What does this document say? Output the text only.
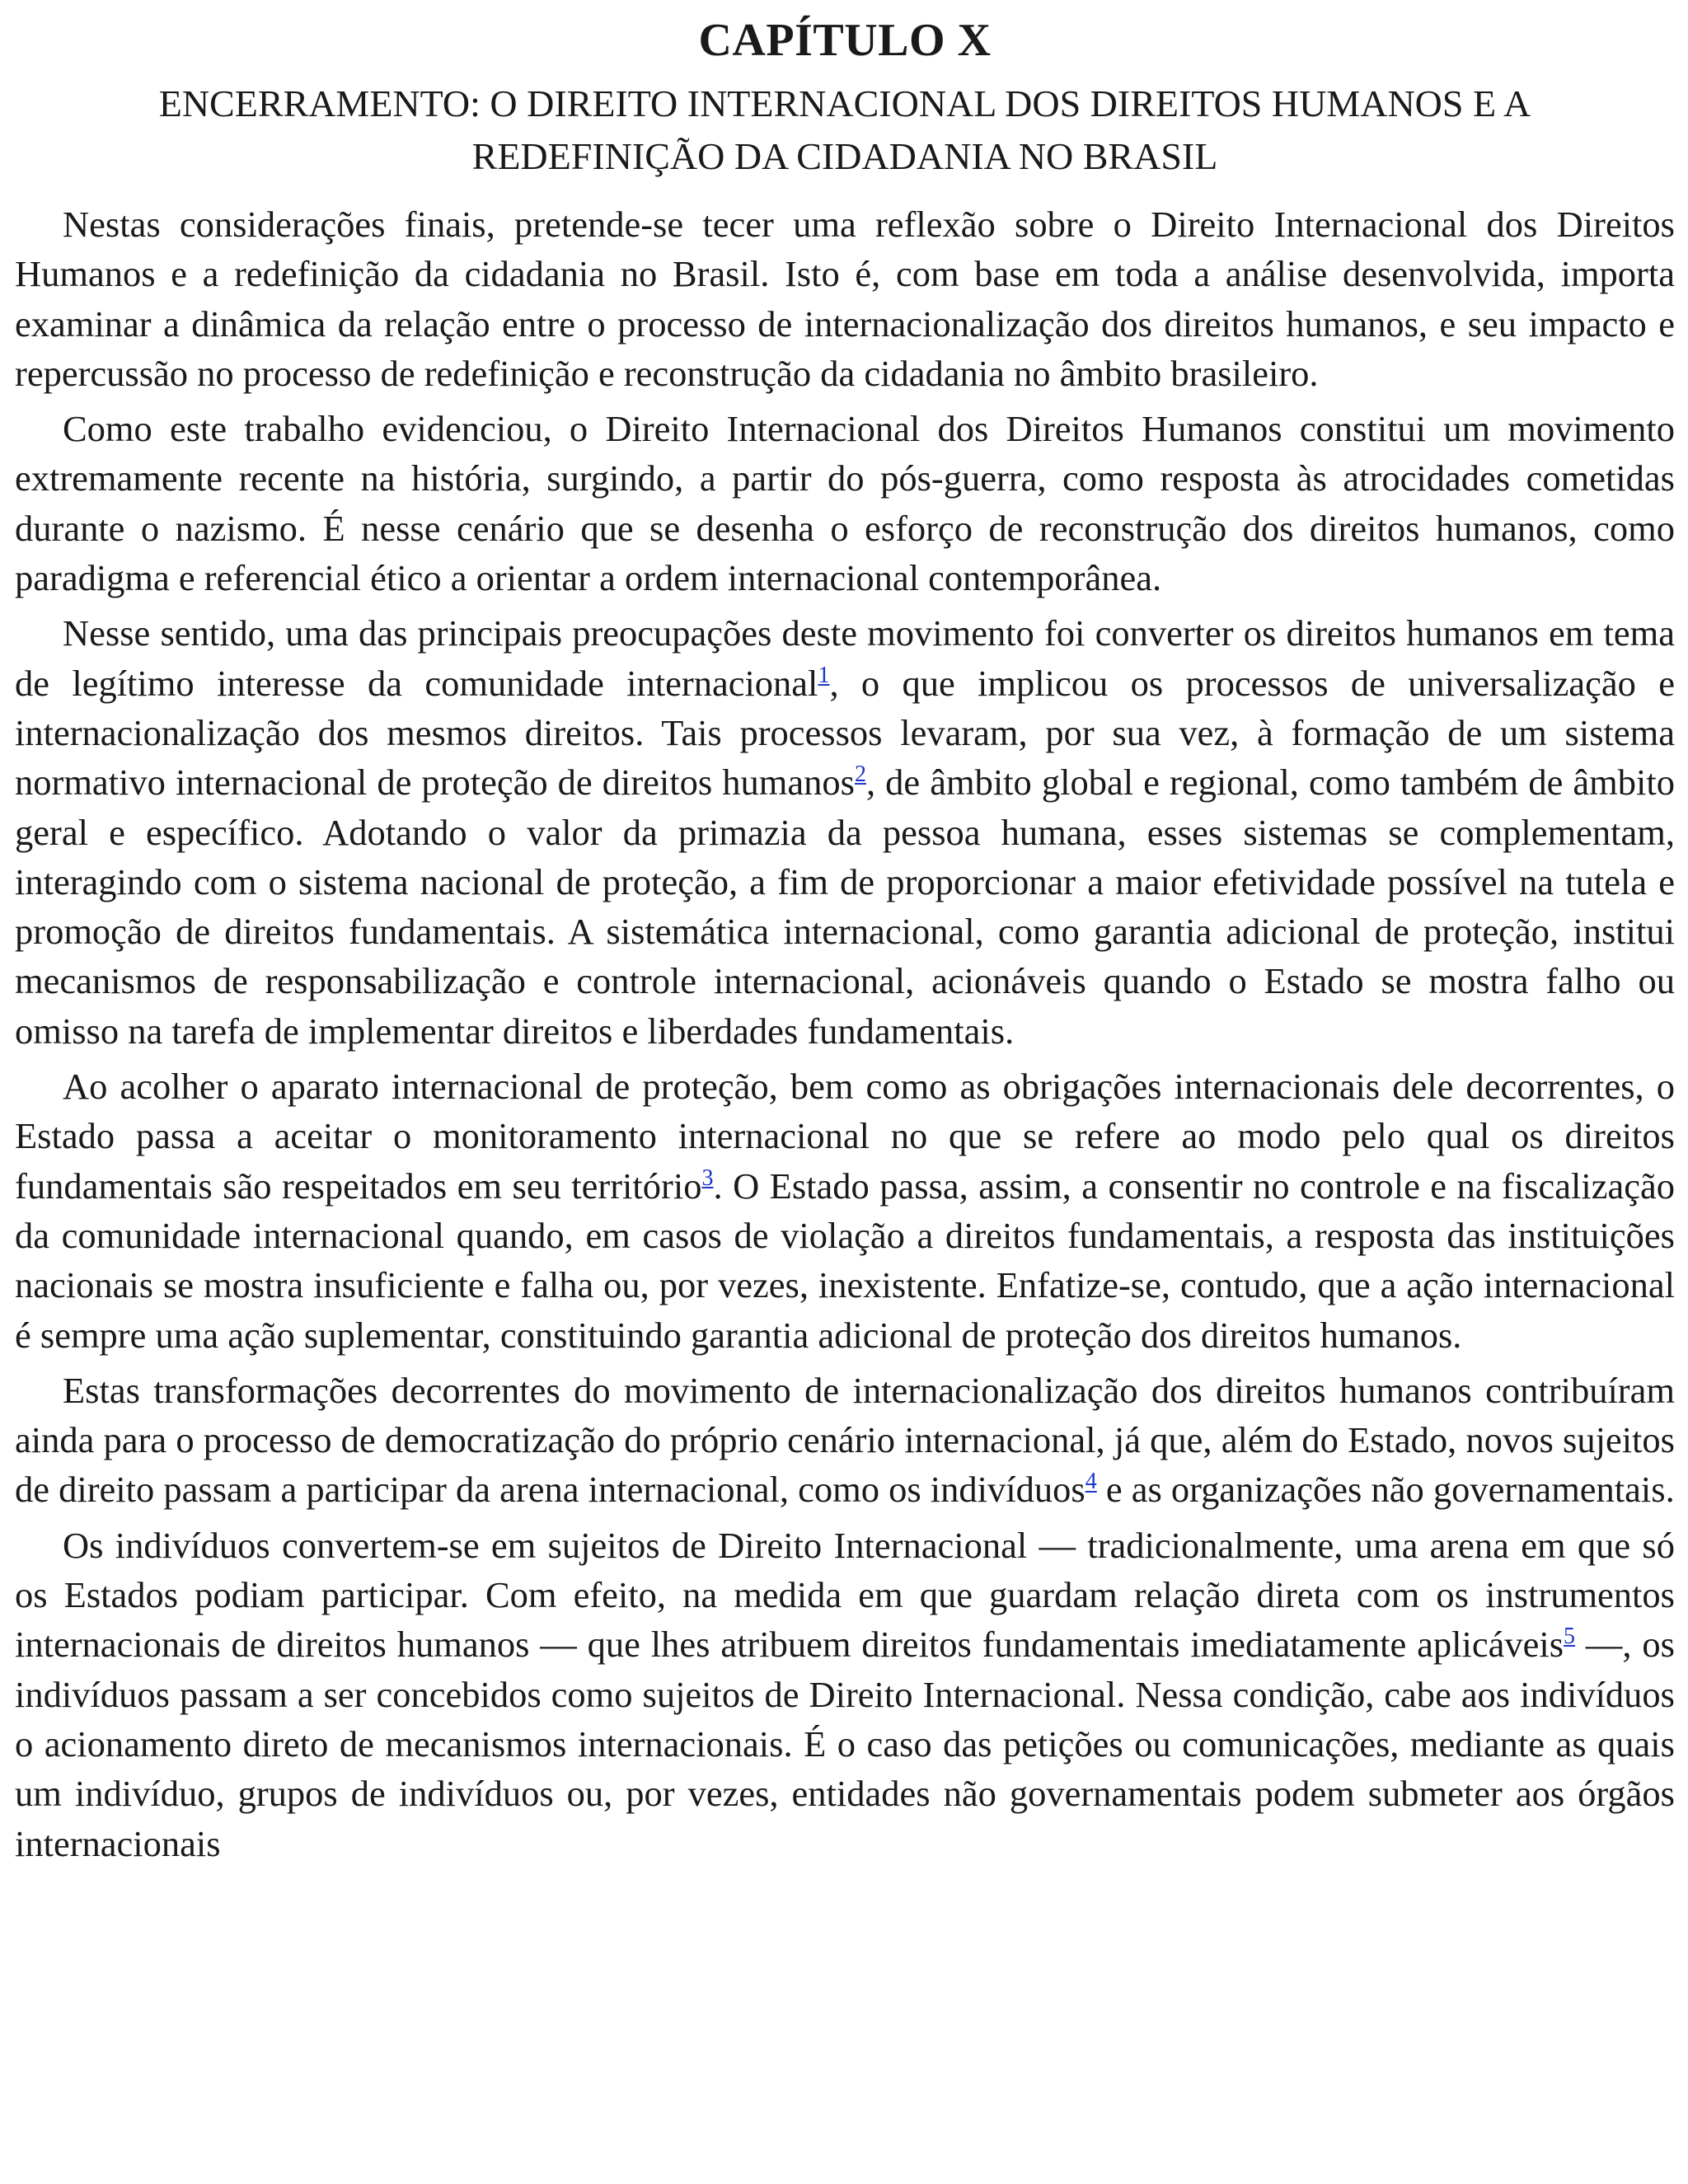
CAPÍTULO X
ENCERRAMENTO: O DIREITO INTERNACIONAL DOS DIREITOS HUMANOS E A REDEFINIÇÃO DA CIDADANIA NO BRASIL

Nestas considerações finais, pretende-se tecer uma reflexão sobre o Direito Internacional dos Direitos Humanos e a redefinição da cidadania no Brasil. Isto é, com base em toda a análise desenvolvida, importa examinar a dinâmica da relação entre o processo de internacionalização dos direitos humanos, e seu impacto e repercussão no processo de redefinição e reconstrução da cidadania no âmbito brasileiro.

Como este trabalho evidenciou, o Direito Internacional dos Direitos Humanos constitui um movimento extremamente recente na história, surgindo, a partir do pós-guerra, como resposta às atrocidades cometidas durante o nazismo. É nesse cenário que se desenha o esforço de reconstrução dos direitos humanos, como paradigma e referencial ético a orientar a ordem internacional contemporânea.

Nesse sentido, uma das principais preocupações deste movimento foi converter os direitos humanos em tema de legítimo interesse da comunidade internacional$^1$, o que implicou os processos de universalização e internacionalização dos mesmos direitos. Tais processos levaram, por sua vez, à formação de um sistema normativo internacional de proteção de direitos humanos$^2$, de âmbito global e regional, como também de âmbito geral e específico. Adotando o valor da primazia da pessoa humana, esses sistemas se complementam, interagindo com o sistema nacional de proteção, a fim de proporcionar a maior efetividade possível na tutela e promoção de direitos fundamentais. A sistemática internacional, como garantia adicional de proteção, institui mecanismos de responsabilização e controle internacional, acionáveis quando o Estado se mostra falho ou omisso na tarefa de implementar direitos e liberdades fundamentais.

Ao acolher o aparato internacional de proteção, bem como as obrigações internacionais dele decorrentes, o Estado passa a aceitar o monitoramento internacional no que se refere ao modo pelo qual os direitos fundamentais são respeitados em seu território$^3$. O Estado passa, assim, a consentir no controle e na fiscalização da comunidade internacional quando, em casos de violação a direitos fundamentais, a resposta das instituições nacionais se mostra insuficiente e falha ou, por vezes, inexistente. Enfatize-se, contudo, que a ação internacional é sempre uma ação suplementar, constituindo garantia adicional de proteção dos direitos humanos.

Estas transformações decorrentes do movimento de internacionalização dos direitos humanos contribuíram ainda para o processo de democratização do próprio cenário internacional, já que, além do Estado, novos sujeitos de direito passam a participar da arena internacional, como os indivíduos$^4$ e as organizações não governamentais.

Os indivíduos convertem-se em sujeitos de Direito Internacional — tradicionalmente, uma arena em que só os Estados podiam participar. Com efeito, na medida em que guardam relação direta com os instrumentos internacionais de direitos humanos — que lhes atribuem direitos fundamentais imediatamente aplicáveis$^5$ —, os indivíduos passam a ser concebidos como sujeitos de Direito Internacional. Nessa condição, cabe aos indivíduos o acionamento direto de mecanismos internacionais. É o caso das petições ou comunicações, mediante as quais um indivíduo, grupos de indivíduos ou, por vezes, entidades não governamentais podem submeter aos órgãos internacionais
